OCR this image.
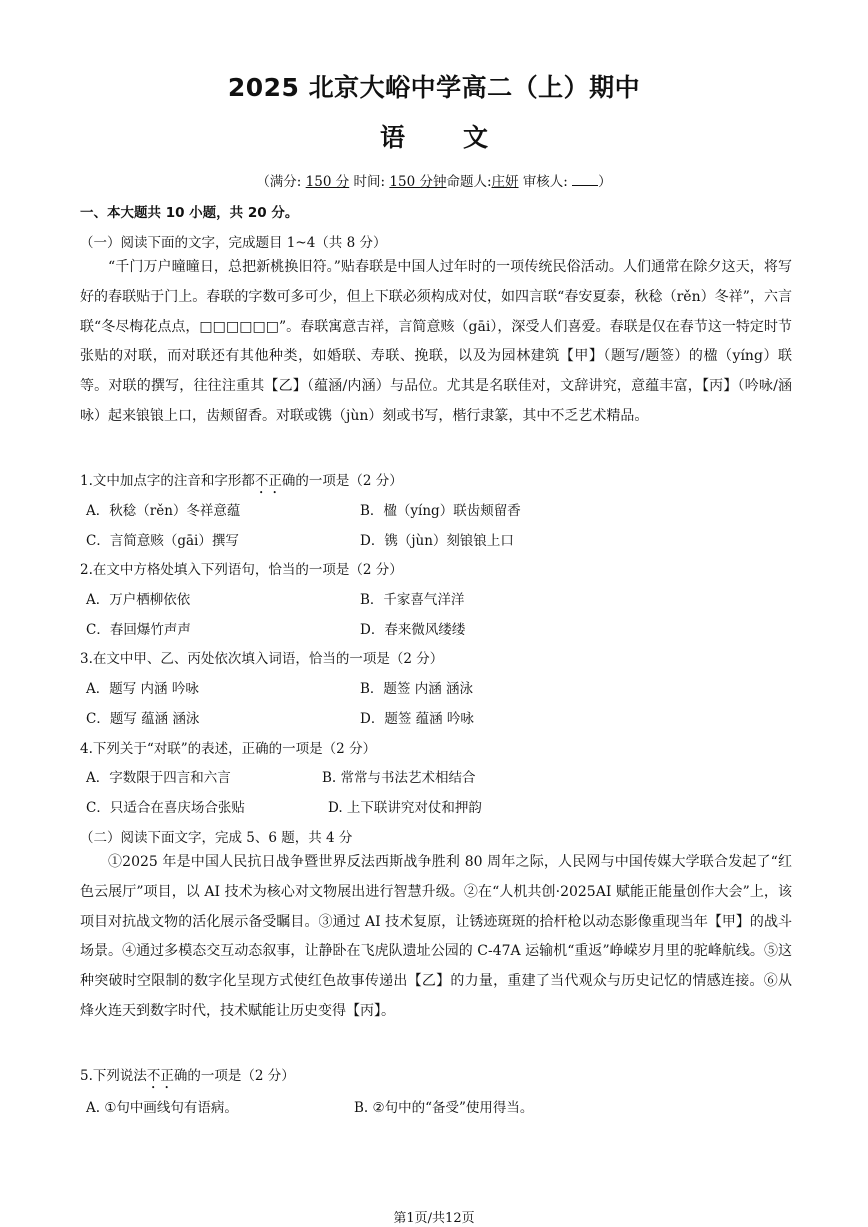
2025 北京大峪中学高二（上）期中
语 文
（满分: 150 分 时间: 150 分钟命题人:庄妍 审核人: ）
一、本大题共 10 小题，共 20 分。
（一）阅读下面的文字，完成题目 1~4（共 8 分）

“千门万户曈曈日，总把新桃换旧符。”贴春联是中国人过年时的一项传统民俗活动。人们通常在除夕这天，将写好的春联贴于门上。春联的字数可多可少，但上下联必须构成对仗，如四言联“春安夏泰，秋稔（rěn）冬祥”，六言联“冬尽梅花点点，□□□□□□”。春联寓意吉祥，言简意赅（gāi），深受人们喜爱。春联是仅在春节这一特定时节张贴的对联，而对联还有其他种类，如婚联、寿联、挽联，以及为园林建筑【甲】（题写/题签）的楹（yíng）联等。对联的撰写，往往注重其【乙】（蕴涵/内涵）与品位。尤其是名联佳对，文辞讲究，意蕴丰富，【丙】（吟咏/涵咏）起来锒锒上口，齿颊留香。对联或镌（jùn）刻或书写，楷行隶篆，其中不乏艺术精品。

1.文中加点字的注音和字形都不正确的一项是（2 分）
A．秋稔（rěn）冬祥意蕴	B．楹（yíng）联齿颊留香
C．言简意赅（gāi）撰写	D．镌（jùn）刻锒锒上口
2.在文中方格处填入下列语句，恰当的一项是（2 分）
A．万户栖柳依依	B．千家喜气洋洋
C．春回爆竹声声	D．春来微风缕缕
3.在文中甲、乙、丙处依次填入词语，恰当的一项是（2 分）
A．题写 内涵 吟咏	B．题签 内涵 涵泳
C．题写 蕴涵 涵泳	D．题签 蕴涵 吟咏
4.下列关于“对联”的表述，正确的一项是（2 分）
A．字数限于四言和六言	B. 常常与书法艺术相结合
C．只适合在喜庆场合张贴	D. 上下联讲究对仗和押韵
（二）阅读下面文字，完成 5、6 题，共 4 分

①2025 年是中国人民抗日战争暨世界反法西斯战争胜利 80 周年之际，人民网与中国传媒大学联合发起了“红色云展厅”项目，以 AI 技术为核心对文物展出进行智慧升级。②在“人机共创·2025AI 赋能正能量创作大会”上，该项目对抗战文物的活化展示备受瞩目。③通过 AI 技术复原，让锈迹斑斑的拾杆枪以动态影像重现当年【甲】的战斗场景。④通过多模态交互动态叙事，让静卧在飞虎队遗址公园的 C-47A 运输机“重返”峥嵘岁月里的驼峰航线。⑤这种突破时空限制的数字化呈现方式使红色故事传递出【乙】的力量，重建了当代观众与历史记忆的情感连接。⑥从烽火连天到数字时代，技术赋能让历史变得【丙】。

5.下列说法不正确的一项是（2 分）
A. ①句中画线句有语病。	B. ②句中的“备受”使用得当。
第1页/共12页
